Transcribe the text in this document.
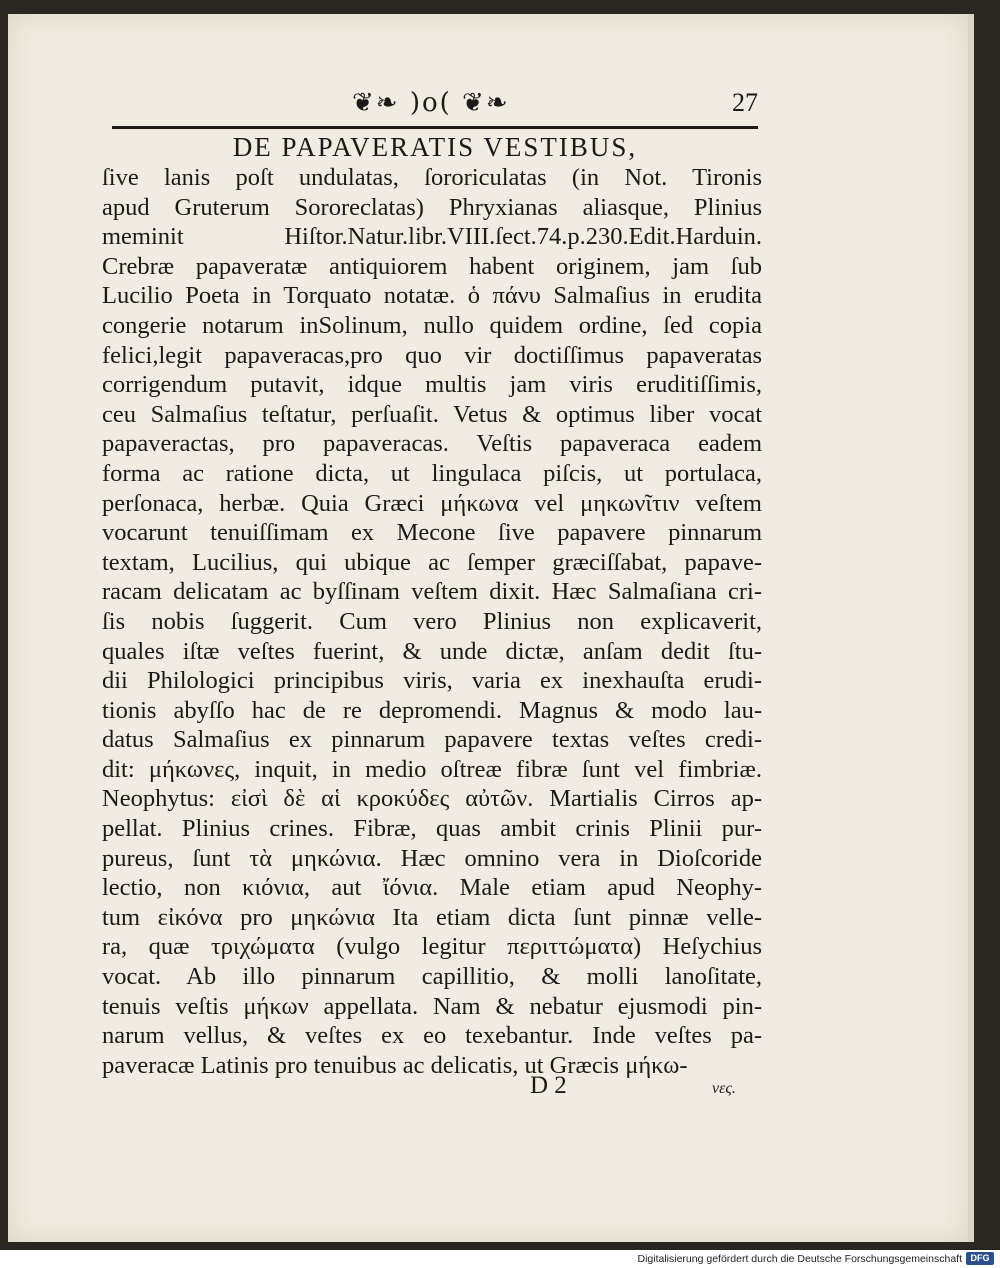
❦❧ )o( ❦❧	27
DE PAPAVERATIS VESTIBUS,
ſive lanis poſt undulatas, ſororiculatas (in Not. Tironis
apud Gruterum Sororeclatas) Phryxianas aliasque, Plinius
meminit Hiſtor.Natur.libr.VIII.ſect.74.p.230.Edit.Harduin.
Crebræ papaveratæ antiquiorem habent originem, jam ſub
Lucilio Poeta in Torquato notatæ. ὁ πάνυ Salmaſius in erudita
congerie notarum inSolinum, nullo quidem ordine, ſed copia
felici,legit papaveracas,pro quo vir doctiſſimus papaveratas
corrigendum putavit, idque multis jam viris eruditiſſimis,
ceu Salmaſius teſtatur, perſuaſit. Vetus & optimus liber vocat
papaveractas, pro papaveracas. Veſtis papaveraca eadem
forma ac ratione dicta, ut lingulaca piſcis, ut portulaca,
perſonaca, herbæ. Quia Græci μήκωνα vel μηκωνῖτιν veſtem
vocarunt tenuiſſimam ex Mecone ſive papavere pinnarum
textam, Lucilius, qui ubique ac ſemper græciſſabat, papave-
racam delicatam ac byſſinam veſtem dixit. Hæc Salmaſiana cri-
ſis nobis ſuggerit. Cum vero Plinius non explicaverit,
quales iſtæ veſtes fuerint, & unde dictæ, anſam dedit ſtu-
dii Philologici principibus viris, varia ex inexhauſta erudi-
tionis abyſſo hac de re depromendi. Magnus & modo lau-
datus Salmaſius ex pinnarum papavere textas veſtes credi-
dit: μήκωνες, inquit, in medio oſtreæ fibræ ſunt vel fimbriæ.
Neophytus: εἰσὶ δὲ αἱ κροκύδες αὐτῶν. Martialis Cirros ap-
pellat. Plinius crines. Fibræ, quas ambit crinis Plinii pur-
pureus, ſunt τὰ μηκώνια. Hæc omnino vera in Dioſcoride
lectio, non κιόνια, aut ἴόνια. Male etiam apud Neophy-
tum εἰκόνα pro μηκώνια Ita etiam dicta ſunt pinnæ velle-
ra, quæ τριχώματα (vulgo legitur περιττώματα) Heſychius
vocat. Ab illo pinnarum capillitio, & molli lanoſitate,
tenuis veſtis μήκων appellata. Nam & nebatur ejusmodi pin-
narum vellus, & veſtes ex eo texebantur. Inde veſtes pa-
paveracæ Latinis pro tenuibus ac delicatis, ut Græcis μήκω-
D 2	νες.
Digitalisierung gefördert durch die Deutsche Forschungsgemeinschaft DFG
